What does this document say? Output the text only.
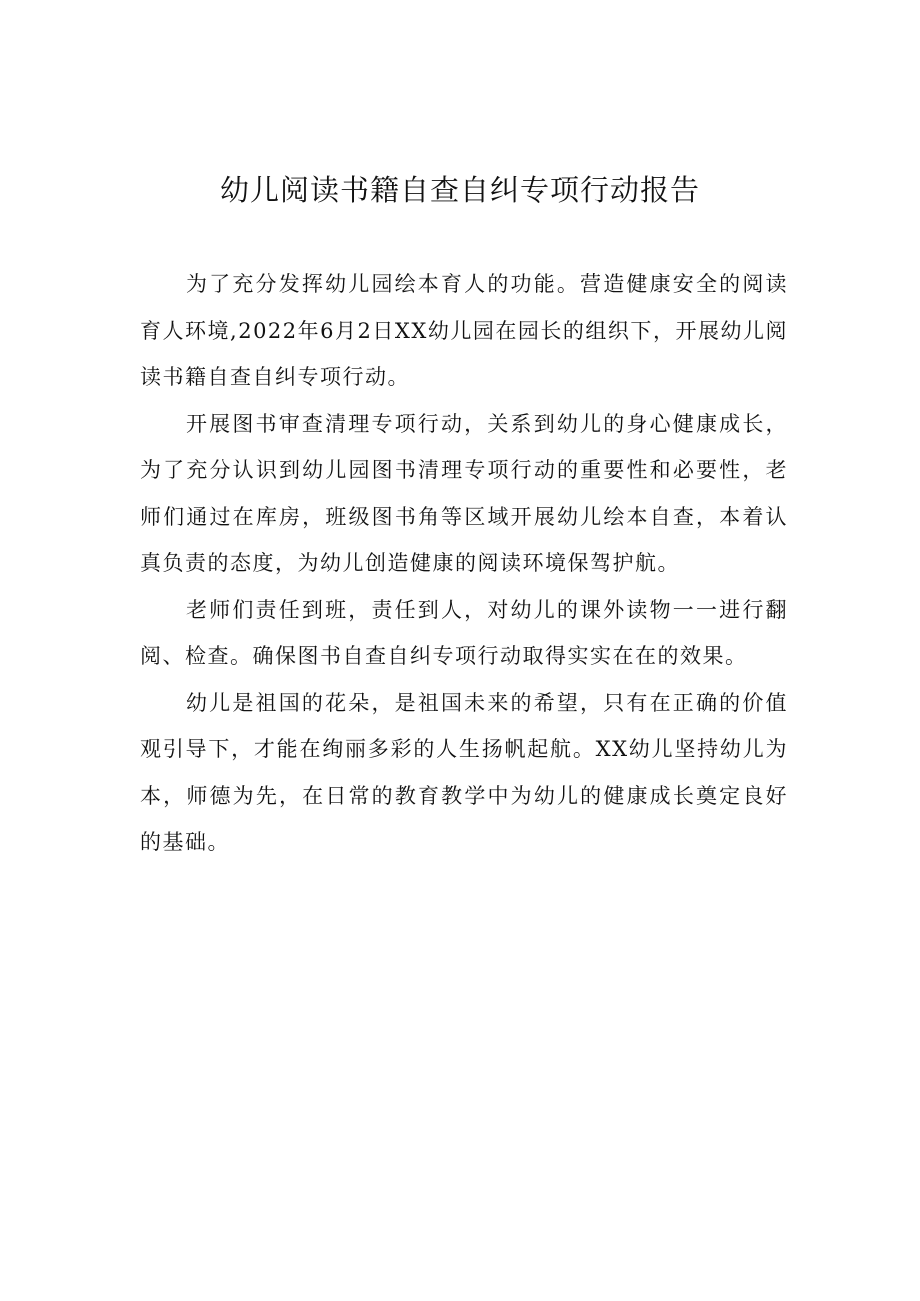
幼儿阅读书籍自查自纠专项行动报告

为了充分发挥幼儿园绘本育人的功能。营造健康安全的阅读育人环境,2022年6月2日XX幼儿园在园长的组织下，开展幼儿阅读书籍自查自纠专项行动。

开展图书审查清理专项行动，关系到幼儿的身心健康成长，为了充分认识到幼儿园图书清理专项行动的重要性和必要性，老师们通过在库房，班级图书角等区域开展幼儿绘本自查，本着认真负责的态度，为幼儿创造健康的阅读环境保驾护航。

老师们责任到班，责任到人，对幼儿的课外读物一一进行翻阅、检查。确保图书自查自纠专项行动取得实实在在的效果。

幼儿是祖国的花朵，是祖国未来的希望，只有在正确的价值观引导下，才能在绚丽多彩的人生扬帆起航。XX幼儿坚持幼儿为本，师德为先，在日常的教育教学中为幼儿的健康成长奠定良好的基础。
